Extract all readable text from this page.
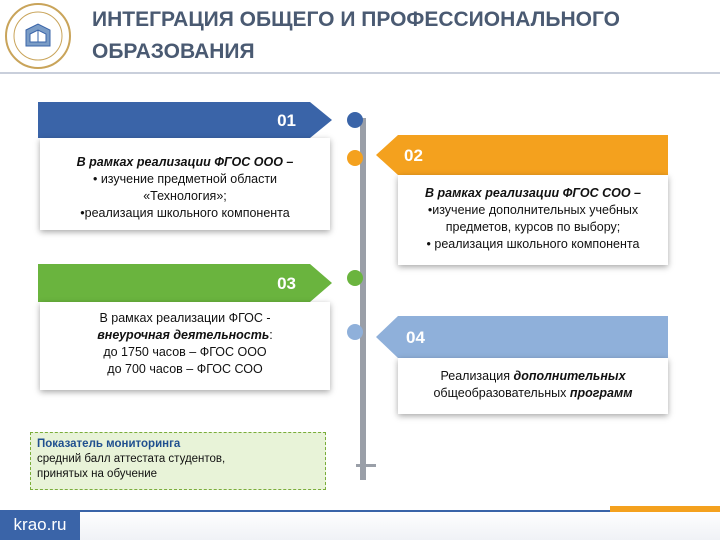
ИНТЕГРАЦИЯ ОБЩЕГО И ПРОФЕССИОНАЛЬНОГО ОБРАЗОВАНИЯ
01
В рамках реализации ФГОС ООО –
• изучение предметной области
«Технология»;
•реализация школьного компонента
02
В рамках реализации ФГОС СОО –
•изучение дополнительных учебных
предметов, курсов по выбору;
• реализация школьного компонента
03
В рамках реализации ФГОС -
внеурочная деятельность:
до 1750 часов – ФГОС ООО
до 700 часов – ФГОС СОО
04
Реализация дополнительных
общеобразовательных программ
Показатель мониторинга
средний балл аттестата студентов,
принятых на обучение
krao.ru
